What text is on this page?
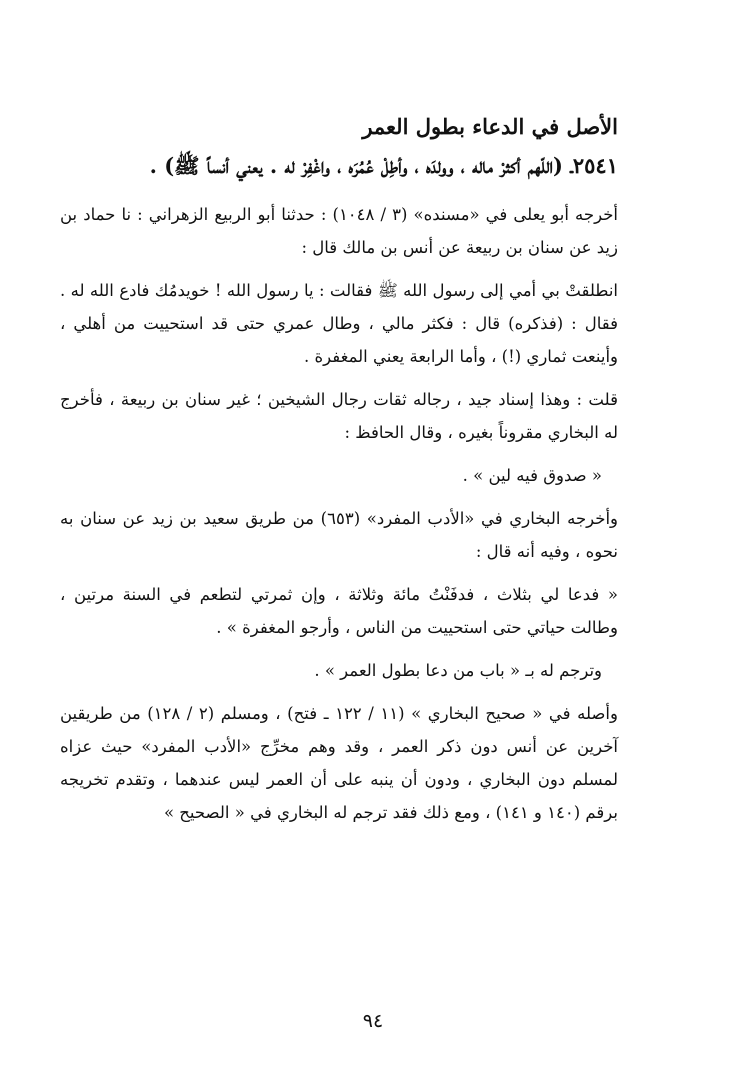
الأصل في الدعاء بطول العمر
٢٥٤١ـ (اللّهم أكثرْ ماله ، وولدَه ، وأطِلْ عُمُرَه ، واغْفِرْ له . يعني أنساً ﷺ) .
أخرجه أبو يعلى في «مسنده» (٣ / ١٠٤٨) : حدثنا أبو الربيع الزهراني : نا حماد بن زيد عن سنان بن ربيعة عن أنس بن مالك قال :
انطلقتْ بي أمي إلى رسول الله ﷺ فقالت : يا رسول الله ! خويدمُك فادع الله له . فقال : (فذكره) قال : فكثر مالي ، وطال عمري حتى قد استحييت من أهلي ، وأينعت ثماري (!) ، وأما الرابعة يعني المغفرة .
قلت : وهذا إسناد جيد ، رجاله ثقات رجال الشيخين ؛ غير سنان بن ربيعة ، فأخرج له البخاري مقروناً بغيره ، وقال الحافظ :
« صدوق فيه لين » .
وأخرجه البخاري في «الأدب المفرد» (٦٥٣) من طريق سعيد بن زيد عن سنان به نحوه ، وفيه أنه قال :
« فدعا لي بثلاث ، فدفَنْتُ مائة وثلاثة ، وإن ثمرتي لتطعم في السنة مرتين ، وطالت حياتي حتى استحييت من الناس ، وأرجو المغفرة » .
وترجم له بـ « باب من دعا بطول العمر » .
وأصله في « صحيح البخاري » (١١ / ١٢٢ ـ فتح) ، ومسلم (٢ / ١٢٨) من طريقين آخرين عن أنس دون ذكر العمر ، وقد وهم مخرِّج «الأدب المفرد» حيث عزاه لمسلم دون البخاري ، ودون أن ينبه على أن العمر ليس عندهما ، وتقدم تخريجه برقم (١٤٠ و ١٤١) ، ومع ذلك فقد ترجم له البخاري في « الصحيح »
٩٤
